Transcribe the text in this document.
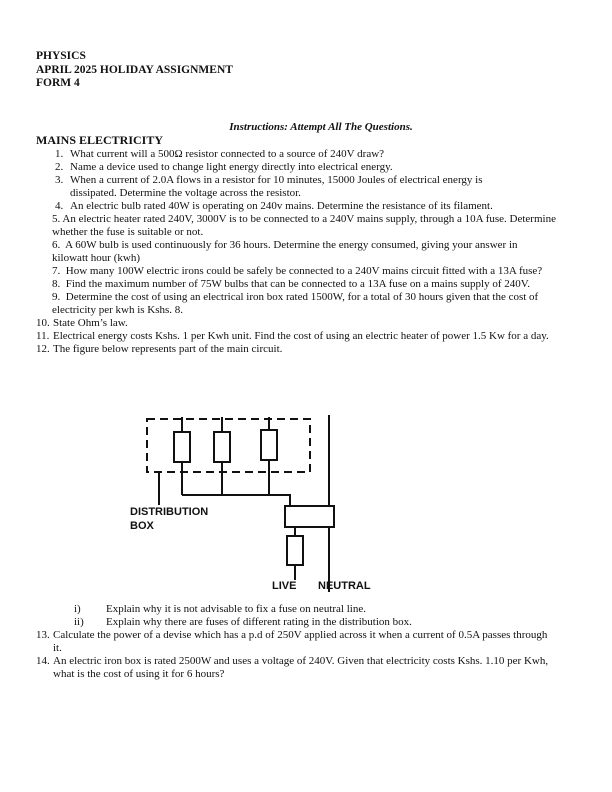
PHYSICS
APRIL 2025 HOLIDAY ASSIGNMENT
FORM 4
Instructions: Attempt All The Questions.
MAINS ELECTRICITY
1. What current will a 500Ω resistor connected to a source of 240V draw?
2. Name a device used to change light energy directly into electrical energy.
3. When a current of 2.0A flows in a resistor for 10 minutes, 15000 Joules of electrical energy is dissipated. Determine the voltage across the resistor.
4. An electric bulb rated 40W is operating on 240v mains. Determine the resistance of its filament.
5. An electric heater rated 240V, 3000V is to be connected to a 240V mains supply, through a 10A fuse. Determine whether the fuse is suitable or not.
6. A 60W bulb is used continuously for 36 hours. Determine the energy consumed, giving your answer in kilowatt hour (kwh)
7. How many 100W electric irons could be safely be connected to a 240V mains circuit fitted with a 13A fuse?
8. Find the maximum number of 75W bulbs that can be connected to a 13A fuse on a mains supply of 240V.
9. Determine the cost of using an electrical iron box rated 1500W, for a total of 30 hours given that the cost of electricity per kwh is Kshs. 8.
10. State Ohm’s law.
11. Electrical energy costs Kshs. 1 per Kwh unit. Find the cost of using an electric heater of power 1.5 Kw for a day.
12. The figure below represents part of the main circuit.
DISTRIBUTION
BOX
LIVE NEUTRAL
i) Explain why it is not advisable to fix a fuse on neutral line.
ii) Explain why there are fuses of different rating in the distribution box.
13. Calculate the power of a devise which has a p.d of 250V applied across it when a current of 0.5A passes through it.
14. An electric iron box is rated 2500W and uses a voltage of 240V. Given that electricity costs Kshs. 1.10 per Kwh, what is the cost of using it for 6 hours?
